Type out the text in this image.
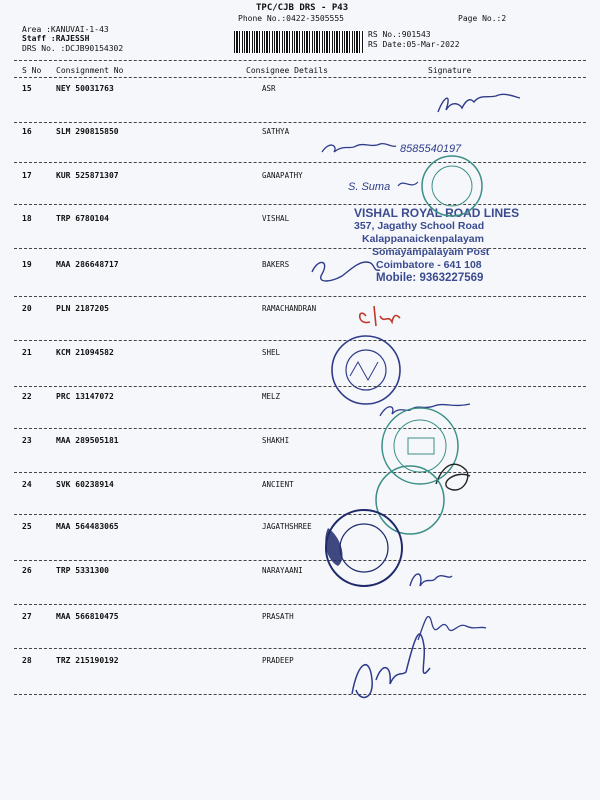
TPC/CJB DRS - P43
Phone No.:0422-3505555	Page No.:2
Area :KANUVAI-1-43
Staff :RAJESSH
DRS No. :DCJB90154302
RS No.:901543
RS Date:05-Mar-2022
S No Consignment No	Consignee Details	Signature
15	NEY 50031763	ASR
16	SLM 290815850	SATHYA
17	KUR 525871307	GANAPATHY
18	TRP 6780104	VISHAL
19	MAA 286648717	BAKERS
20	PLN 2187205	RAMACHANDRAN
21	KCM 21094582	SHEL
22	PRC 13147072	MELZ
23	MAA 289505181	SHAKHI
24	SVK 60238914	ANCIENT
25	MAA 564483065	JAGATHSHREE
26	TRP 5331300	NARAYAANI
27	MAA 566810475	PRASATH
28	TRZ 215190192	PRADEEP
8585540197
S. Suma
VISHAL ROYAL ROAD LINES
357, Jagathy School Road
Kalappanaickenpalayam
Somayampalayam Post
Coimbatore - 641 108
Mobile: 9363227569
